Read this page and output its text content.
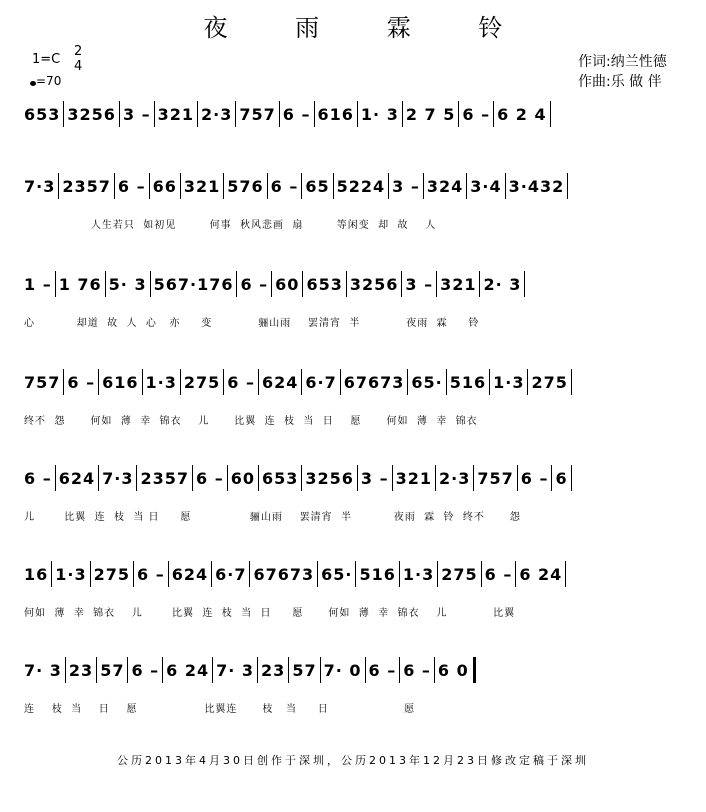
夜 雨 霖 铃
1=C
2
4
=70
作词:纳兰性德
作曲:乐 做 伴
653 3256 3 – 321 2·3 757 6 – 616 1· 3 2 7 5 6 – 6 2 4
7·3 2357 6 – 66 321 576 6 – 65 5224 3 – 324 3·4 3·432
人生若只  如初见        何事  秋风悲画  扇        等闲变  却  故    人
1 – 1 76 5· 3 567·176 6 – 60 653 3256 3 – 321 2· 3
心          却道  故  人  心   亦     变           骊山雨    罢清宵  半           夜雨  霖     铃
757 6 – 616 1·3 275 6 – 624 6·7 67673 65· 516 1·3 275
终不  怨      何如  薄  幸  锦衣    儿      比翼  连  枝  当  日    愿      何如  薄  幸  锦衣
6 – 624 7·3 2357 6 – 60 653 3256 3 – 321 2·3 757 6 – 6
儿       比翼  连  枝  当 日     愿              骊山雨    罢清宵  半          夜雨  霖  铃  终不      怨
16 1·3 275 6 – 624 6·7 67673 65· 516 1·3 275 6 – 6 24
何如  薄  幸  锦衣    儿       比翼  连  枝  当  日     愿      何如  薄  幸  锦衣    儿           比翼
7· 3 23 57 6 – 6 24 7· 3 23 57 7· 0 6 – 6 – 6 0
连    枝  当    日    愿                比翼连      枝   当     日                  愿
公历2013年4月30日创作于深圳，公历2013年12月23日修改定稿于深圳
